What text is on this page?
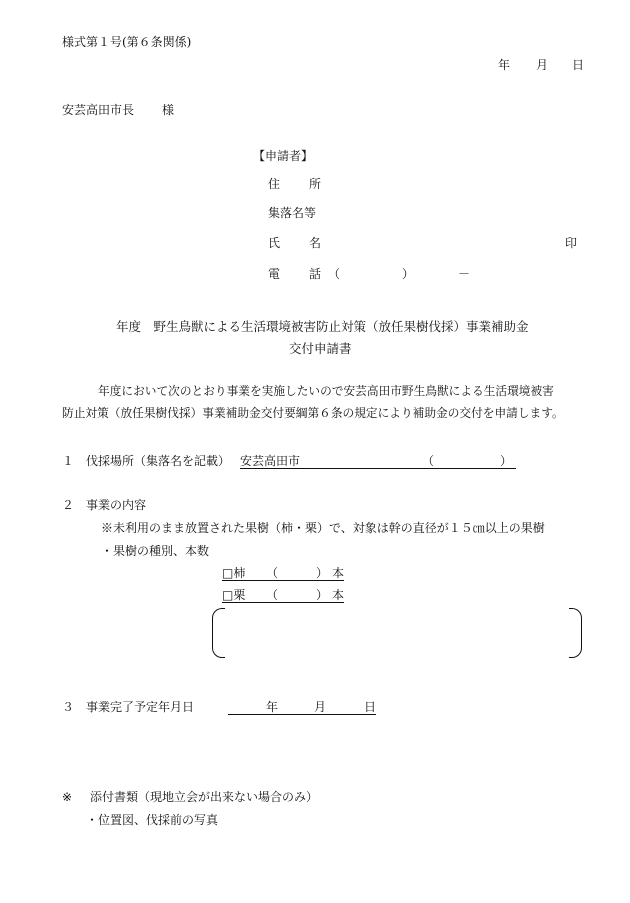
様式第１号(第６条関係)
年 月 日
安芸高田市長 様
【申請者】
住 所
集落名等
氏 名	印
電 話 （	）	－
年度　野生鳥獣による生活環境被害防止対策（放任果樹伐採）事業補助金
交付申請書
年度において次のとおり事業を実施したいので安芸高田市野生鳥獣による生活環境被害
防止対策（放任果樹伐採）事業補助金交付要綱第６条の規定により補助金の交付を申請します。
１　伐採場所（集落名を記載） 安芸高田市	（	）
２　事業の内容
※未利用のまま放置された果樹（柿・栗）で、対象は幹の直径が１５㎝以上の果樹
・果樹の種別、本数
□柿 （	） 本
□栗 （	） 本
３　事業完了予定年月日	年	月	日
※ 添付書類（現地立会が出来ない場合のみ）
・位置図、伐採前の写真
